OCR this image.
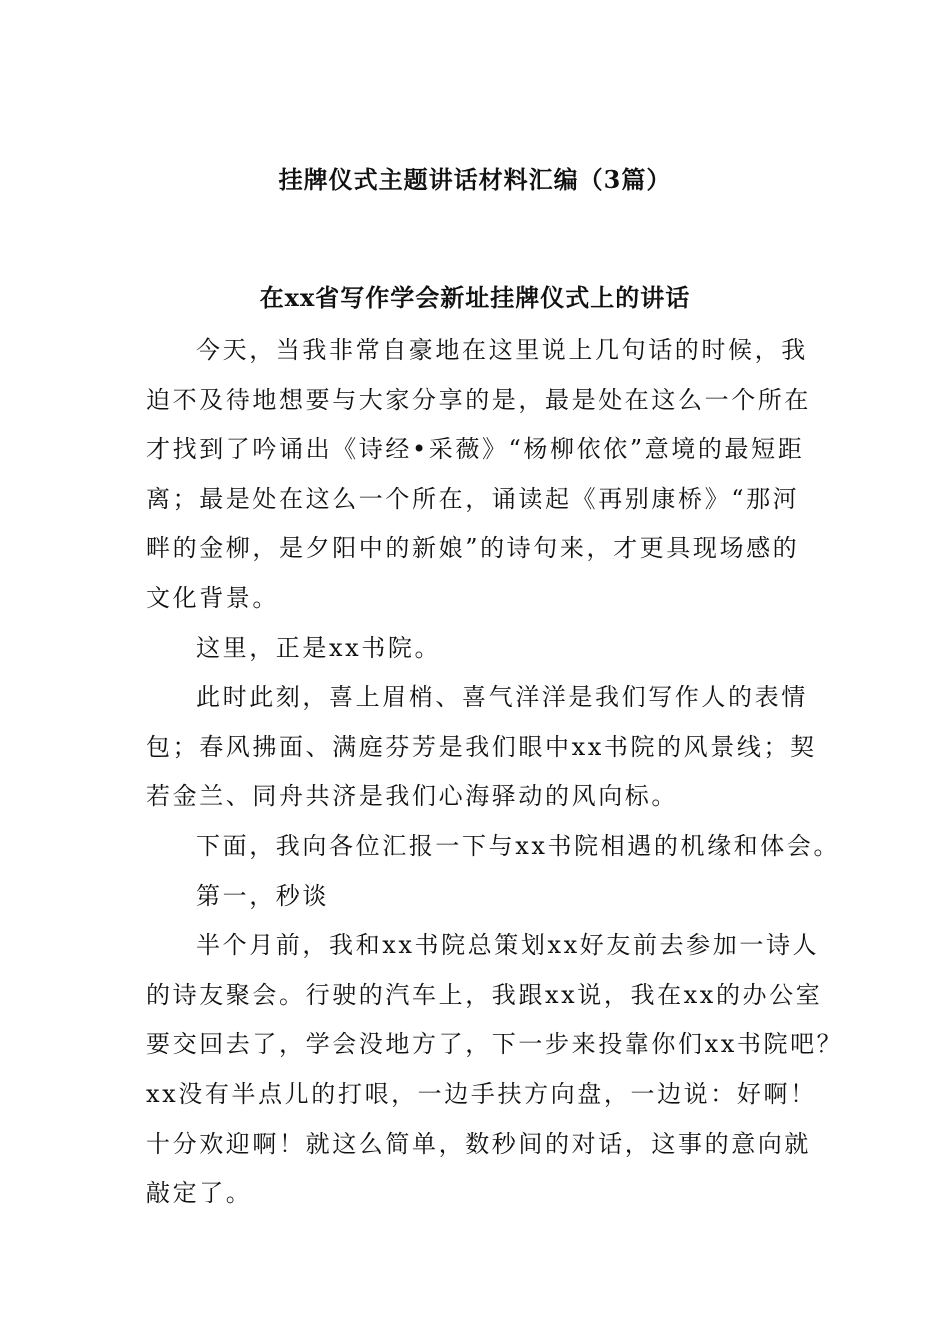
挂牌仪式主题讲话材料汇编（3篇）
在xx省写作学会新址挂牌仪式上的讲话
今天，当我非常自豪地在这里说上几句话的时候，我
迫不及待地想要与大家分享的是，最是处在这么一个所在
才找到了吟诵出《诗经•采薇》“杨柳依依”意境的最短距
离；最是处在这么一个所在，诵读起《再别康桥》“那河
畔的金柳，是夕阳中的新娘”的诗句来，才更具现场感的
文化背景。
这里，正是xx书院。
此时此刻，喜上眉梢、喜气洋洋是我们写作人的表情
包；春风拂面、满庭芬芳是我们眼中xx书院的风景线；契
若金兰、同舟共济是我们心海驿动的风向标。
下面，我向各位汇报一下与xx书院相遇的机缘和体会。
第一，秒谈
半个月前，我和xx书院总策划xx好友前去参加一诗人
的诗友聚会。行驶的汽车上，我跟xx说，我在xx的办公室
要交回去了，学会没地方了，下一步来投靠你们xx书院吧？
xx没有半点儿的打哏，一边手扶方向盘，一边说：好啊！
十分欢迎啊！就这么简单，数秒间的对话，这事的意向就
敲定了。
